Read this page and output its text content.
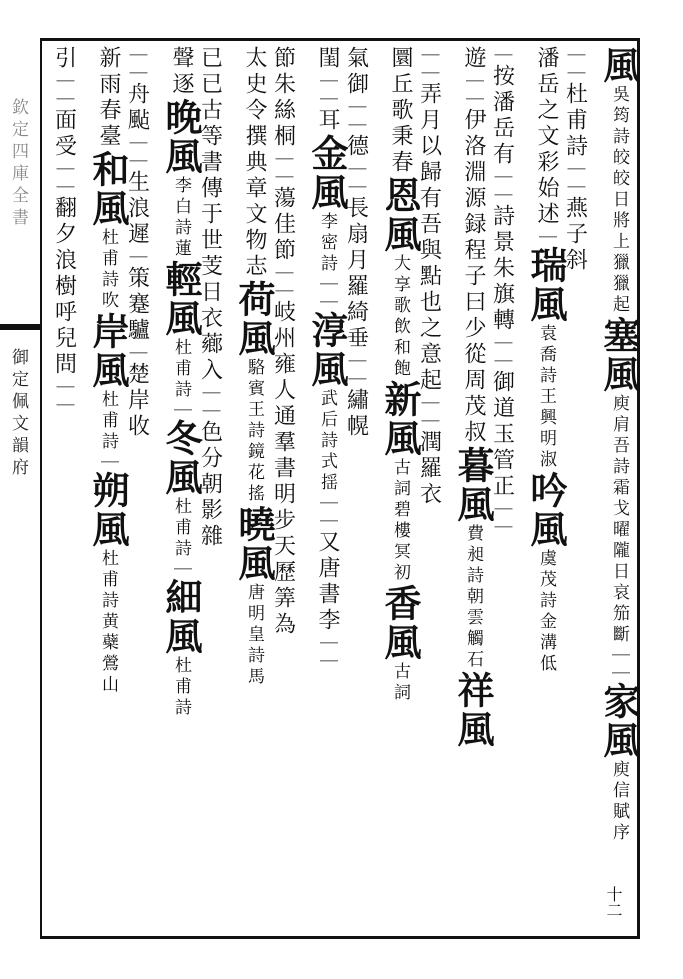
欽定四庫全書
御定佩文韻府
十二
風吳筠詩皎皎日將上獵獵起塞風庾肩吾詩霜戈曜隴日哀笳斷｜｜家風庾信賦序
｜｜杜甫詩｜｜燕子斜
潘岳之文彩始述｜瑞風袁喬詩王興明淑吟風虞茂詩金溝低
｜按潘岳有｜｜詩景朱旗轉｜｜御道玉管正｜｜
遊｜｜伊洛淵源録程子曰少從周茂叔暮風費昶詩朝雲觸石祥風
｜｜弄月以歸有吾與點也之意起｜｜潤羅衣
圜丘歌秉春恩風大享歌飲和飽新風古詞碧樓冥初香風古詞
氣御｜｜德｜｜長扇月羅綺垂｜｜繡幌
閨｜｜耳金風李密詩｜｜淳風武后詩式揺｜｜又唐書李｜｜
節朱絲桐｜｜蕩佳節｜｜岐州雍人通羣書明步天歷筭為
太史令撰典章文物志荷風駱賓王詩鏡花搖曉風唐明皇詩馬
已已古等書傳于世芰日衣薌入｜｜色分朝影雜
聲逐晚風李白詩蓮輕風杜甫詩｜冬風杜甫詩｜細風杜甫詩
｜｜舟颭｜｜生浪遲｜策蹇驢｜楚岸收
新雨春臺和風杜甫詩吹岸風杜甫詩｜朔風杜甫詩黄蘗鶯山
引｜｜面受｜｜翻夕浪樹呼兒問｜｜
